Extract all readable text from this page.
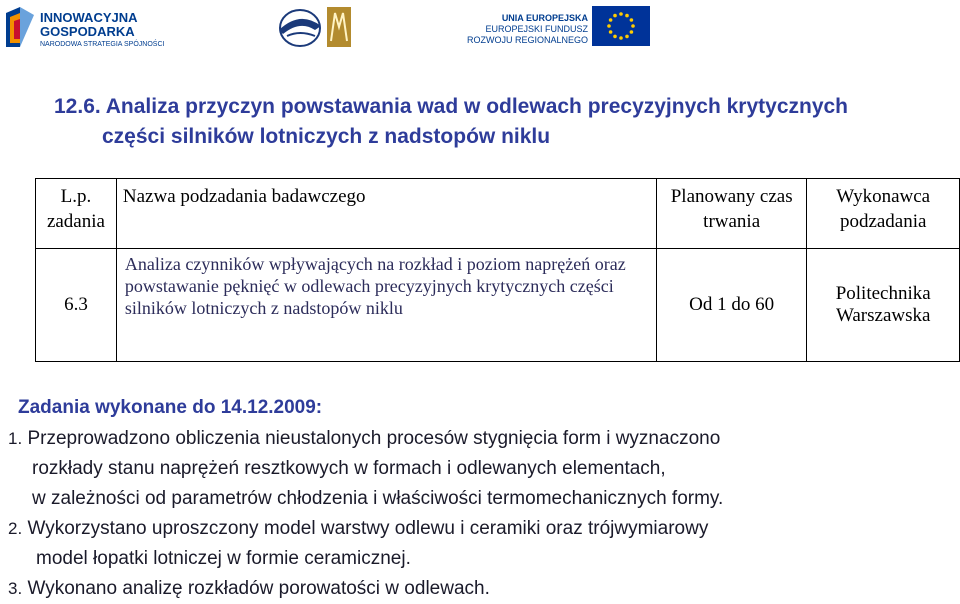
INNOWACYJNA
GOSPODARKA
NARODOWA STRATEGIA SPÓJNOŚCI
UNIA EUROPEJSKA
EUROPEJSKI FUNDUSZ
ROZWOJU REGIONALNEGO
12.6. Analiza przyczyn powstawania wad w odlewach precyzyjnych krytycznych
części silników lotniczych z nadstopów niklu
L.p. zadania	Nazwa podzadania badawczego	Planowany czas trwania	Wykonawca podzadania
6.3	Analiza czynników wpływających na rozkład i poziom naprężeń oraz powstawanie pęknięć w odlewach precyzyjnych krytycznych części silników lotniczych z nadstopów niklu	Od 1 do 60	Politechnika Warszawska
Zadania wykonane do 14.12.2009:
1. Przeprowadzono obliczenia nieustalonych procesów stygnięcia form i wyznaczono
rozkłady stanu naprężeń resztkowych w formach i odlewanych elementach,
w zależności od parametrów chłodzenia i właściwości termomechanicznych formy.
2. Wykorzystano uproszczony model warstwy odlewu i ceramiki oraz trójwymiarowy
model łopatki lotniczej w formie ceramicznej.
3. Wykonano analizę rozkładów porowatości w odlewach.
